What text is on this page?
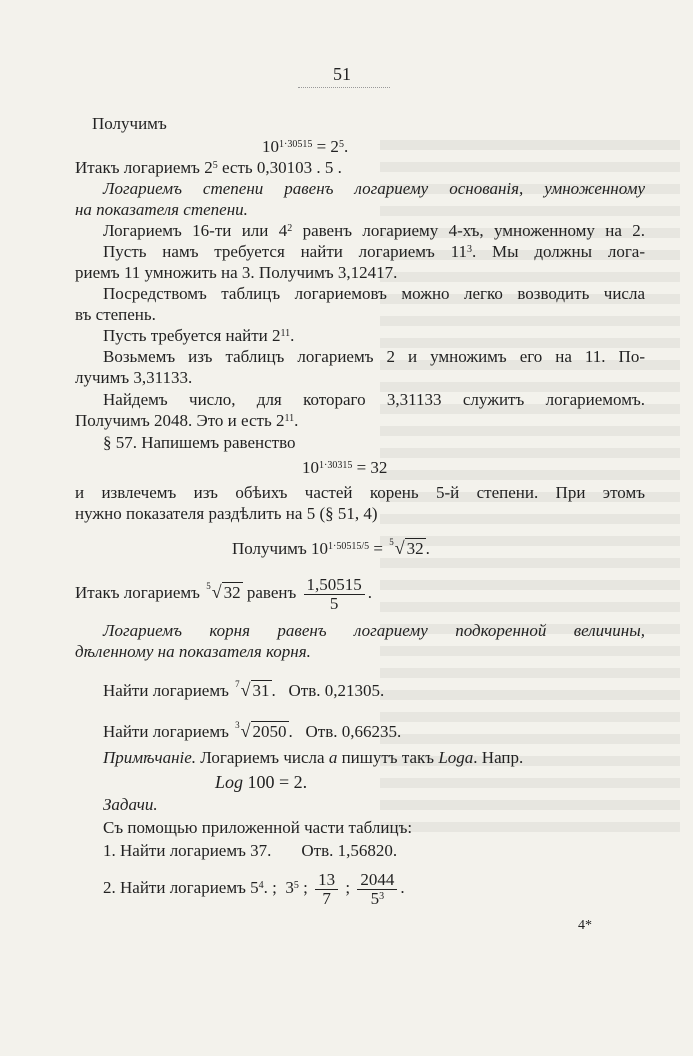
51
Получимъ
$10^{1\cdot 30515} = 2^5$.
Итакъ логариемъ $2^5$ есть 0,30103 . 5 .
Логариемъ степени равенъ логариему основанія, умноженному
на показателя степени.
Логариемъ 16-ти или $4^2$ равенъ логариему 4-хъ, умноженному на 2.
Пусть намъ требуется найти логариемъ $11^3$. Мы должны лога-
риемъ 11 умножить на 3. Получимъ 3,12417.
Посредствомъ таблицъ логариемовъ можно легко возводить числа
въ степень.
Пусть требуется найти $2^{11}$.
Возьмемъ изъ таблицъ логариемъ 2 и умножимъ его на 11. По-
лучимъ 3,31133.
Найдемъ число, для котораго 3,31133 служитъ логариемомъ.
Получимъ 2048. Это и есть $2^{11}$.
§ 57. Напишемъ равенство
$10^{1\cdot 30315} = 32$
и извлечемъ изъ обѣихъ частей корень 5-й степени. При этомъ
нужно показателя раздѣлить на 5 (§ 51, 4)
Получимъ $10^{1\cdot 50515/5} = 5√$ 32 .
Итакъ логариемъ 5√ 32 равенъ $\frac{1,50515}{5}$ .
Логариемъ корня равенъ логариему подкоренной величины,
дѣленному на показателя корня.
Найти логариемъ 7√ 31 .   Отв. 0,21305.
Найти логариемъ 3√ 2050 .   Отв. 0,66235.
Примѣчаніе. Логариемъ числа a пишутъ такъ Loga. Напр.
Log 100 = 2.
Задачи.
Съ помощью приложенной части таблицъ:
1. Найти логариемъ 37. Отв. 1,56820.
2. Найти логариемъ $5^4$. ;  $3^5$ ; $\frac{13}{7}$ ; $\frac{2044}{5^3}$ .
4*
